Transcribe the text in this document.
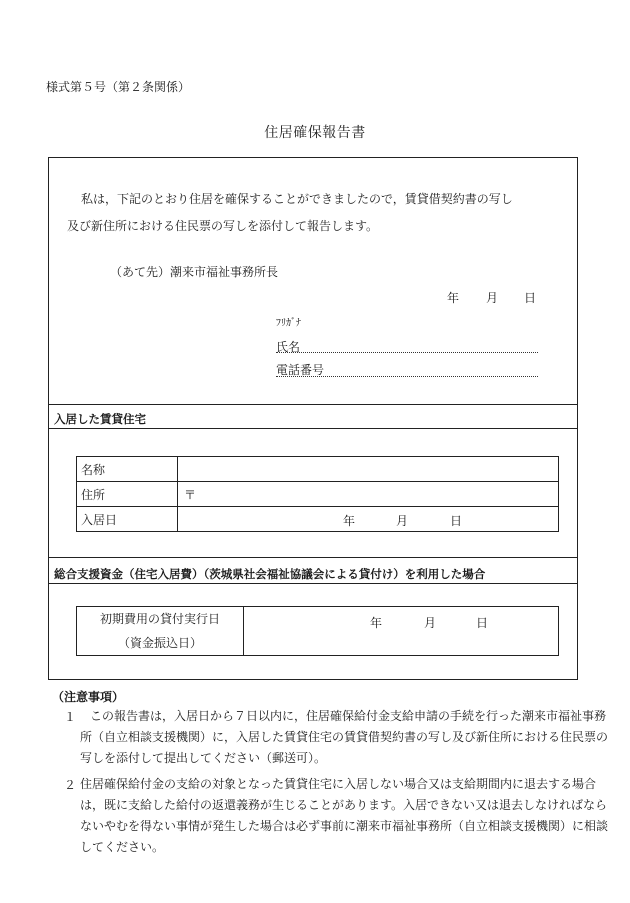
様式第５号（第２条関係）
住居確保報告書
私は，下記のとおり住居を確保することができましたので，賃貸借契約書の写し
及び新住所における住民票の写しを添付して報告します。
（あて先）潮来市福祉事務所長
年 月 日
ﾌﾘｶﾞﾅ
氏名
電話番号
入居した賃貸住宅
名称	
住所	〒
入居日	年 月 日
総合支援資金（住宅入居費）（茨城県社会福祉協議会による貸付け）を利用した場合
初期費用の貸付実行日
（資金振込日）

年	月	日
（注意事項）
１	この報告書は，入居日から７日以内に，住居確保給付金支給申請の手続を行った潮来市福祉事務所（自立相談支援機関）に，入居した賃貸住宅の賃貸借契約書の写し及び新住所における住民票の写しを添付して提出してください（郵送可）。
２ 住居確保給付金の支給の対象となった賃貸住宅に入居しない場合又は支給期間内に退去する場合は，既に支給した給付の返還義務が生じることがあります。入居できない又は退去しなければならないやむを得ない事情が発生した場合は必ず事前に潮来市福祉事務所（自立相談支援機関）に相談してください。
